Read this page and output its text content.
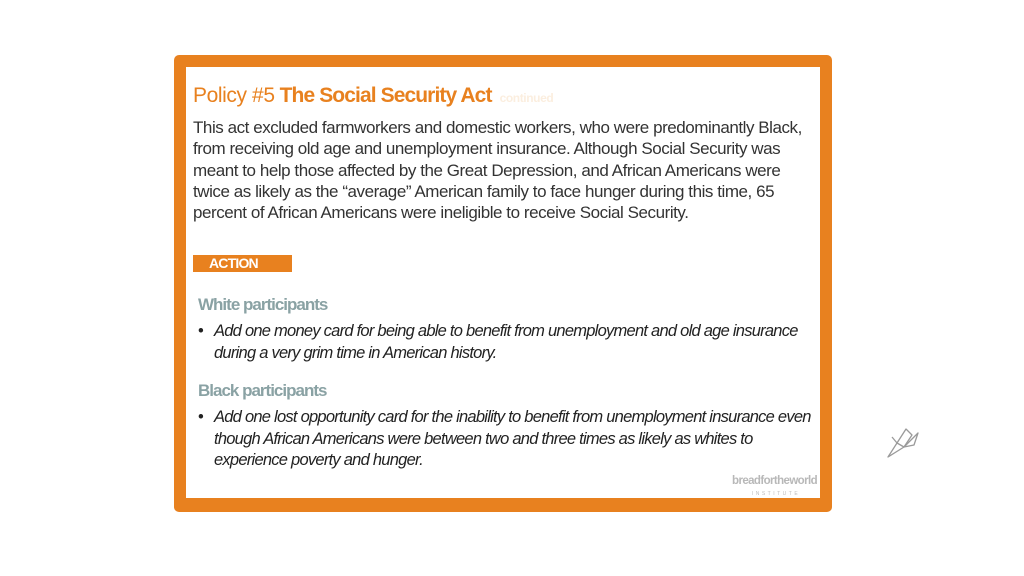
Policy #5 The Social Security Act continued

This act excluded farmworkers and domestic workers, who were predominantly Black, from receiving old age and unemployment insurance. Although Social Security was meant to help those affected by the Great Depression, and African Americans were twice as likely as the “average” American family to face hunger during this time, 65 percent of African Americans were ineligible to receive Social Security.

ACTION
White participants
• Add one money card for being able to benefit from unemployment and old age insurance during a very grim time in American history.
Black participants
• Add one lost opportunity card for the inability to benefit from unemployment insurance even though African Americans were between two and three times as likely as whites to experience poverty and hunger.
breadfortheworld
INSTITUTE
